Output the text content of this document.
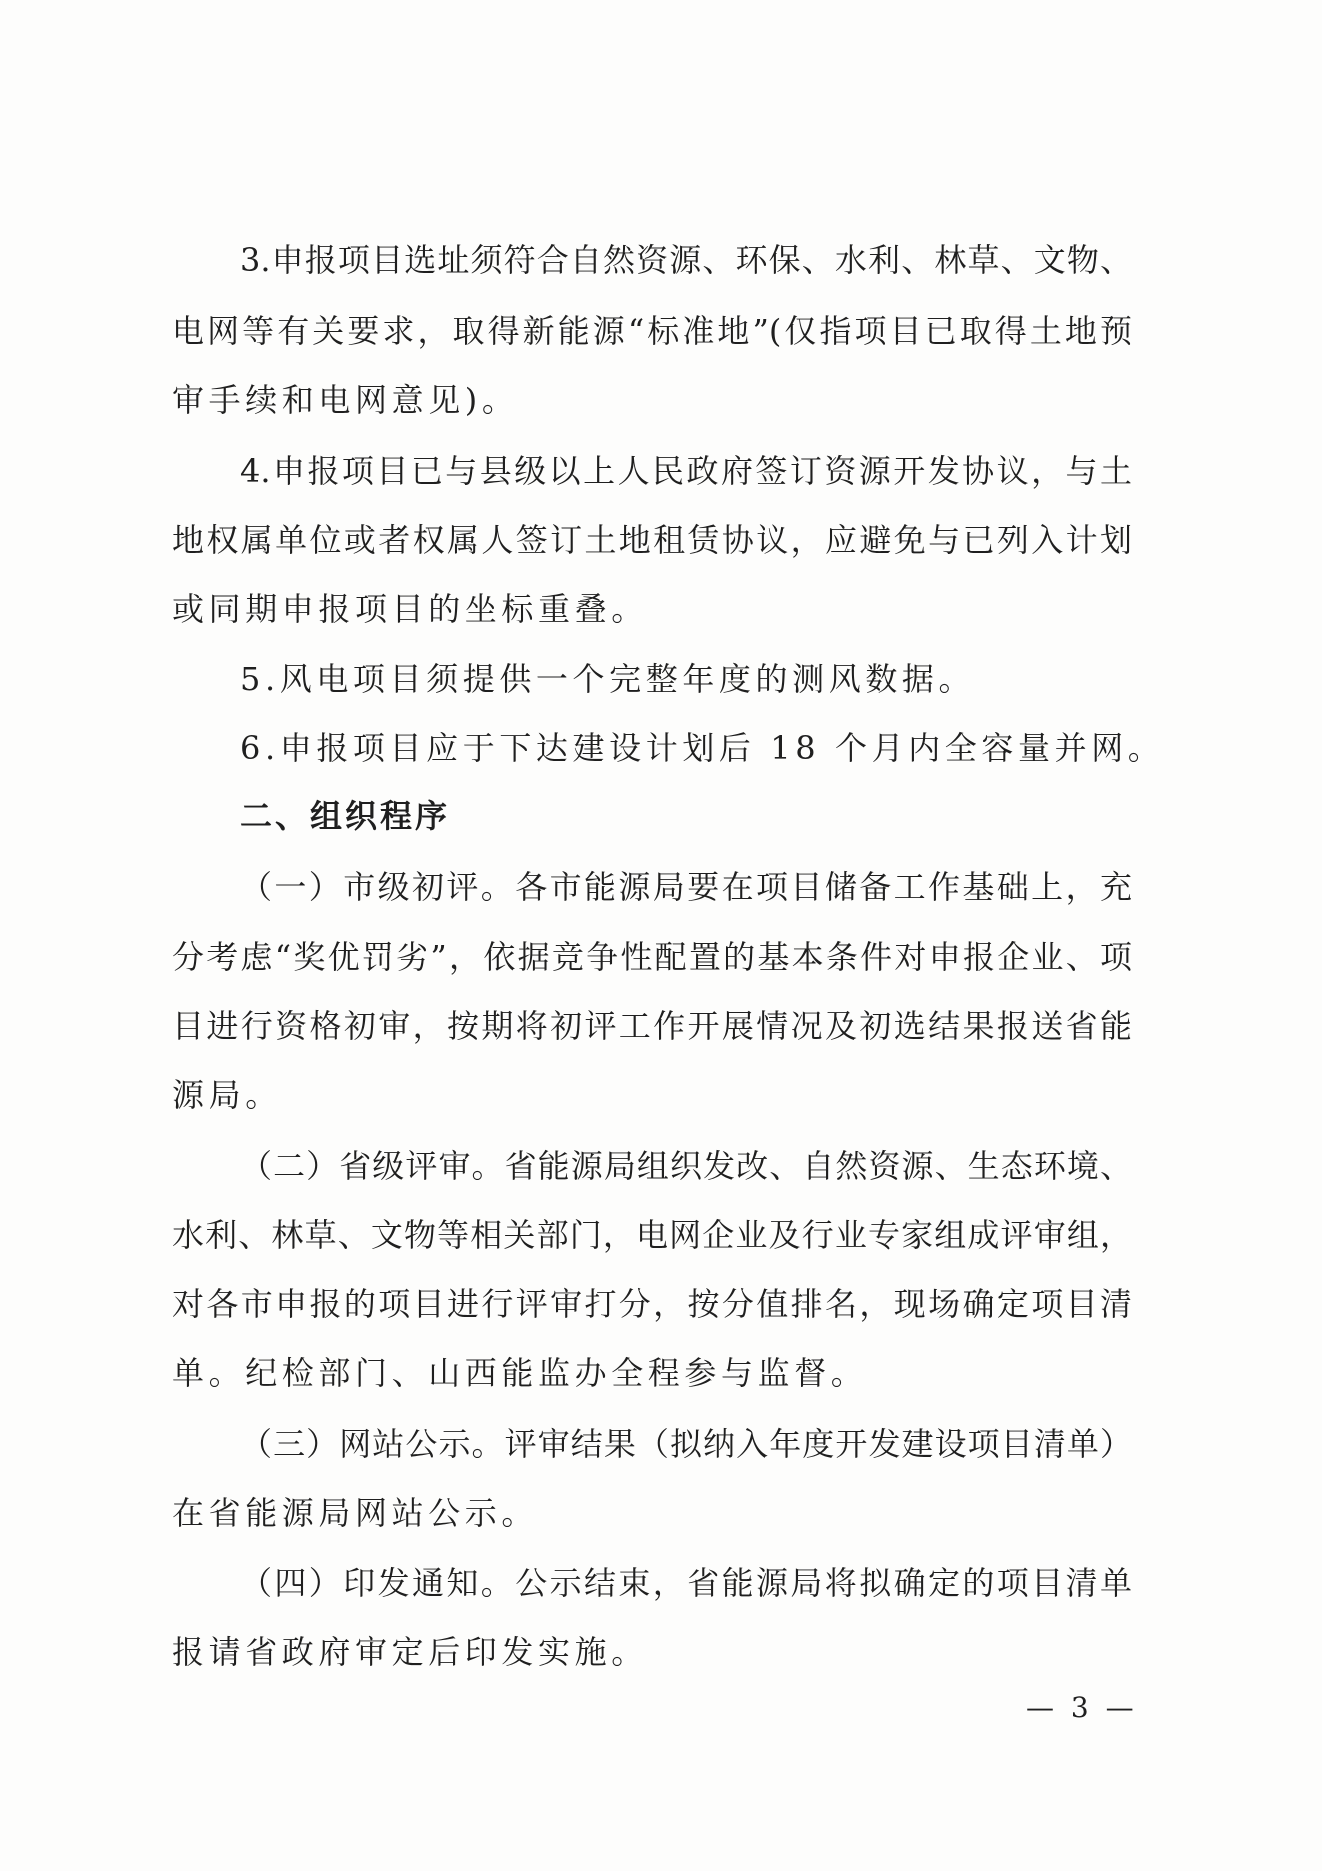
3.申报项目选址须符合自然资源、环保、水利、林草、文物、
电网等有关要求，取得新能源“标准地”(仅指项目已取得土地预
审手续和电网意见)。
4.申报项目已与县级以上人民政府签订资源开发协议，与土
地权属单位或者权属人签订土地租赁协议，应避免与已列入计划
或同期申报项目的坐标重叠。
5.风电项目须提供一个完整年度的测风数据。
6.申报项目应于下达建设计划后 18 个月内全容量并网。
二、组织程序
（一）市级初评。各市能源局要在项目储备工作基础上，充
分考虑“奖优罚劣”，依据竞争性配置的基本条件对申报企业、项
目进行资格初审，按期将初评工作开展情况及初选结果报送省能
源局。
（二）省级评审。省能源局组织发改、自然资源、生态环境、
水利、林草、文物等相关部门，电网企业及行业专家组成评审组，
对各市申报的项目进行评审打分，按分值排名，现场确定项目清
单。纪检部门、山西能监办全程参与监督。
（三）网站公示。评审结果（拟纳入年度开发建设项目清单）
在省能源局网站公示。
（四）印发通知。公示结束，省能源局将拟确定的项目清单
报请省政府审定后印发实施。
— 3 —
